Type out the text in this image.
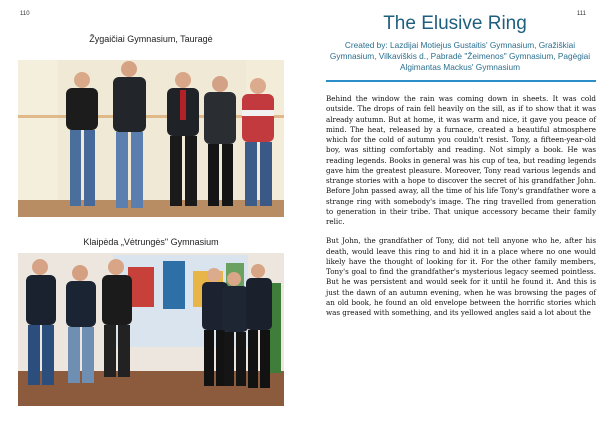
110
Žygaičiai Gymnasium, Tauragė
Klaipėda „Vėtrungės" Gymnasium
111
The Elusive Ring
Created by: Lazdijai Motiejus Gustaitis' Gymnasium, Gražiškiai Gymnasium, Vilkaviškis d., Pabradė "Žeimenos" Gymnasium, Pagėgiai Algimantas Mackus' Gymnasium

Behind the window the rain was coming down in sheets. It was cold outside. The drops of rain fell heavily on the sill, as if to show that it was already autumn. But at home, it was warm and nice, it gave you peace of mind. The heat, released by a furnace, created a beautiful atmosphere which for the cold of autumn you couldn't resist. Tony, a fifteen-year-old boy, was sitting comfortably and reading. Not simply a book. He was reading legends. Books in general was his cup of tea, but reading legends gave him the greatest pleasure. Moreover, Tony read various legends and strange stories with a hope to discover the secret of his grandfather John. Before John passed away, all the time of his life Tony's grandfather wore a strange ring with somebody's image. The ring travelled from generation to generation in their tribe. That unique accessory became their family relic.

But John, the grandfather of Tony, did not tell anyone who he, after his death, would leave this ring to and hid it in a place where no one would likely have the thought of looking for it. For the other family members, Tony's goal to find the grandfather's mysterious legacy seemed pointless. But he was persistent and would seek for it until he found it. And this is just the dawn of an autumn evening, when he was browsing the pages of an old book, he found an old envelope between the horrific stories which was greased with something, and its yellowed angles said a lot about the
